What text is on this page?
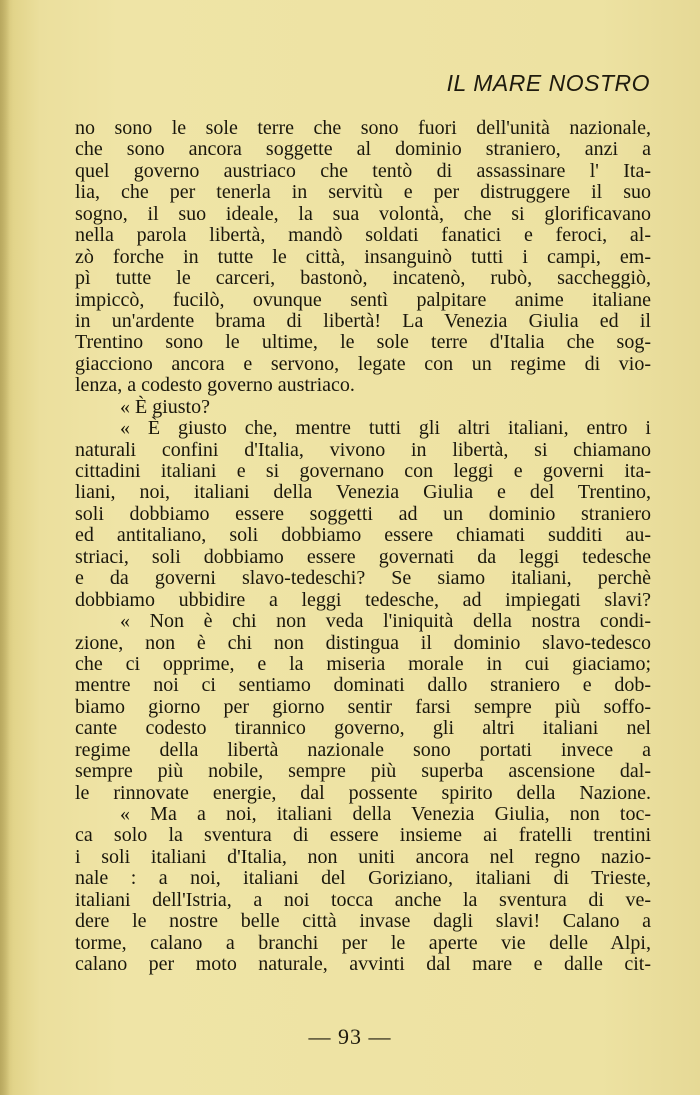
IL MARE NOSTRO
no sono le sole terre che sono fuori dell'unità nazionale,
che sono ancora soggette al dominio straniero, anzi a
quel governo austriaco che tentò di assassinare l' Ita-
lia, che per tenerla in servitù e per distruggere il suo
sogno, il suo ideale, la sua volontà, che si glorificavano
nella parola libertà, mandò soldati fanatici e feroci, al-
zò forche in tutte le città, insanguinò tutti i campi, em-
pì tutte le carceri, bastonò, incatenò, rubò, saccheggiò,
impiccò, fucilò, ovunque sentì palpitare anime italiane
in un'ardente brama di libertà! La Venezia Giulia ed il
Trentino sono le ultime, le sole terre d'Italia che sog-
giacciono ancora e servono, legate con un regime di vio-
lenza, a codesto governo austriaco.
« È giusto?
« È giusto che, mentre tutti gli altri italiani, entro i
naturali confini d'Italia, vivono in libertà, si chiamano
cittadini italiani e si governano con leggi e governi ita-
liani, noi, italiani della Venezia Giulia e del Trentino,
soli dobbiamo essere soggetti ad un dominio straniero
ed antitaliano, soli dobbiamo essere chiamati sudditi au-
striaci, soli dobbiamo essere governati da leggi tedesche
e da governi slavo-tedeschi? Se siamo italiani, perchè
dobbiamo ubbidire a leggi tedesche, ad impiegati slavi?
« Non è chi non veda l'iniquità della nostra condi-
zione, non è chi non distingua il dominio slavo-tedesco
che ci opprime, e la miseria morale in cui giaciamo;
mentre noi ci sentiamo dominati dallo straniero e dob-
biamo giorno per giorno sentir farsi sempre più soffo-
cante codesto tirannico governo, gli altri italiani nel
regime della libertà nazionale sono portati invece a
sempre più nobile, sempre più superba ascensione dal-
le rinnovate energie, dal possente spirito della Nazione.
« Ma a noi, italiani della Venezia Giulia, non toc-
ca solo la sventura di essere insieme ai fratelli trentini
i soli italiani d'Italia, non uniti ancora nel regno nazio-
nale : a noi, italiani del Goriziano, italiani di Trieste,
italiani dell'Istria, a noi tocca anche la sventura di ve-
dere le nostre belle città invase dagli slavi! Calano a
torme, calano a branchi per le aperte vie delle Alpi,
calano per moto naturale, avvinti dal mare e dalle cit-
— 93 —
